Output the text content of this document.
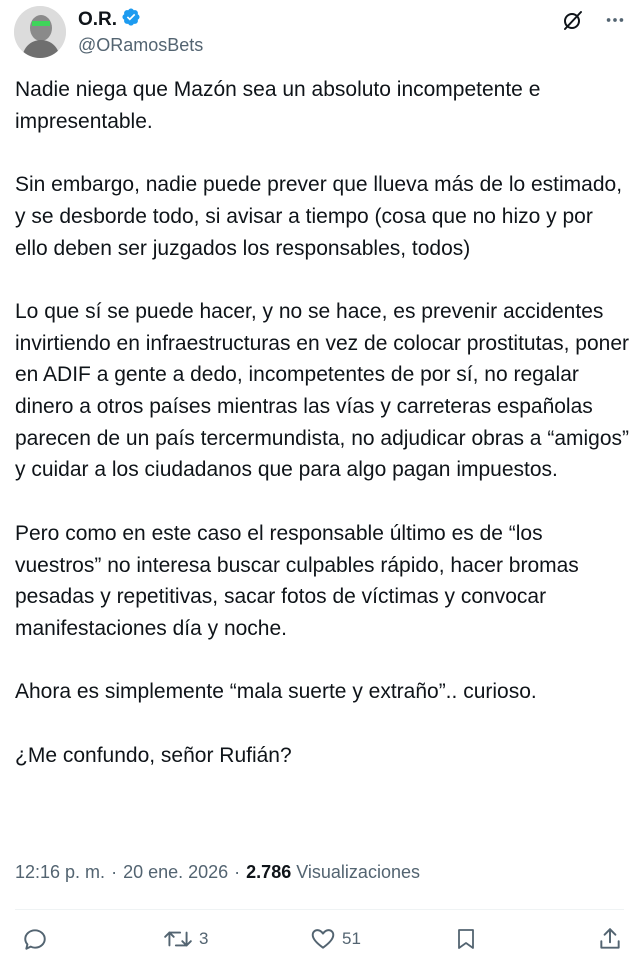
O.R.
@ORamosBets

Nadie niega que Mazón sea un absoluto incompetente e impresentable.

Sin embargo, nadie puede prever que llueva más de lo estimado, y se desborde todo, si avisar a tiempo (cosa que no hizo y por ello deben ser juzgados los responsables, todos)

Lo que sí se puede hacer, y no se hace, es prevenir accidentes invirtiendo en infraestructuras en vez de colocar prostitutas, poner en ADIF a gente a dedo, incompetentes de por sí, no regalar dinero a otros países mientras las vías y carreteras españolas parecen de un país tercermundista, no adjudicar obras a “amigos” y cuidar a los ciudadanos que para algo pagan impuestos.

Pero como en este caso el responsable último es de “los vuestros” no interesa buscar culpables rápido, hacer bromas pesadas y repetitivas, sacar fotos de víctimas y convocar manifestaciones día y noche.

Ahora es simplemente “mala suerte y extraño”.. curioso.

¿Me confundo, señor Rufián?

12:16 p. m. · 20 ene. 2026 · 2.786 Visualizaciones
3	51
